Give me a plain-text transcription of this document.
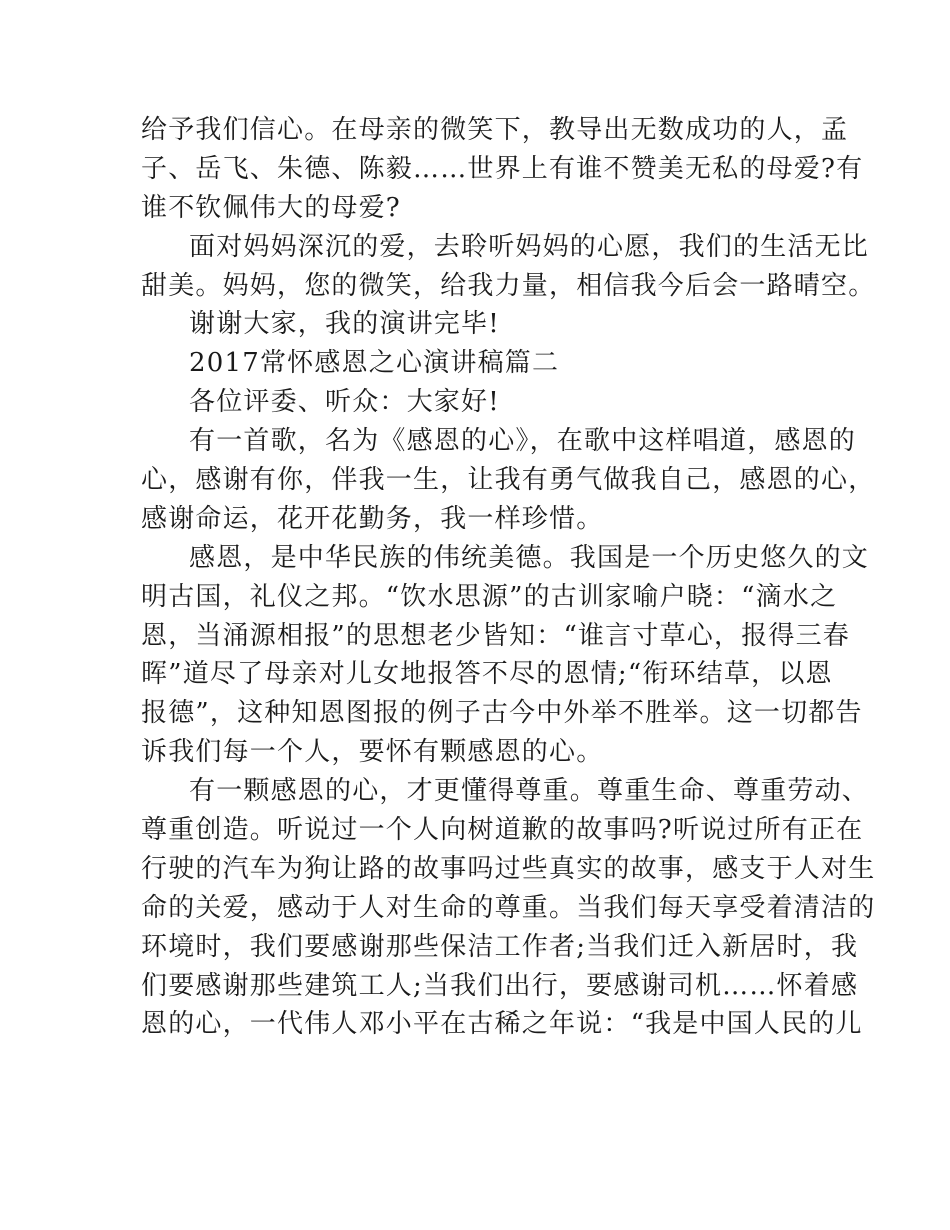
给予我们信心。在母亲的微笑下，教导出无数成功的人，孟
子、岳飞、朱德、陈毅……世界上有谁不赞美无私的母爱?有
谁不钦佩伟大的母爱?
面对妈妈深沉的爱，去聆听妈妈的心愿，我们的生活无比
甜美。妈妈，您的微笑，给我力量，相信我今后会一路晴空。
谢谢大家，我的演讲完毕!
2017常怀感恩之心演讲稿篇二
各位评委、听众：大家好!
有一首歌，名为《感恩的心》，在歌中这样唱道，感恩的
心，感谢有你，伴我一生，让我有勇气做我自己，感恩的心，
感谢命运，花开花勤务，我一样珍惜。
感恩，是中华民族的伟统美德。我国是一个历史悠久的文
明古国，礼仪之邦。“饮水思源”的古训家喻户晓：“滴水之
恩，当涌源相报”的思想老少皆知：“谁言寸草心，报得三春
晖”道尽了母亲对儿女地报答不尽的恩情;“衔环结草，以恩
报德”，这种知恩图报的例子古今中外举不胜举。这一切都告
诉我们每一个人，要怀有颗感恩的心。
有一颗感恩的心，才更懂得尊重。尊重生命、尊重劳动、
尊重创造。听说过一个人向树道歉的故事吗?听说过所有正在
行驶的汽车为狗让路的故事吗过些真实的故事，感支于人对生
命的关爱，感动于人对生命的尊重。当我们每天享受着清洁的
环境时，我们要感谢那些保洁工作者;当我们迁入新居时，我
们要感谢那些建筑工人;当我们出行，要感谢司机……怀着感
恩的心，一代伟人邓小平在古稀之年说：“我是中国人民的儿
